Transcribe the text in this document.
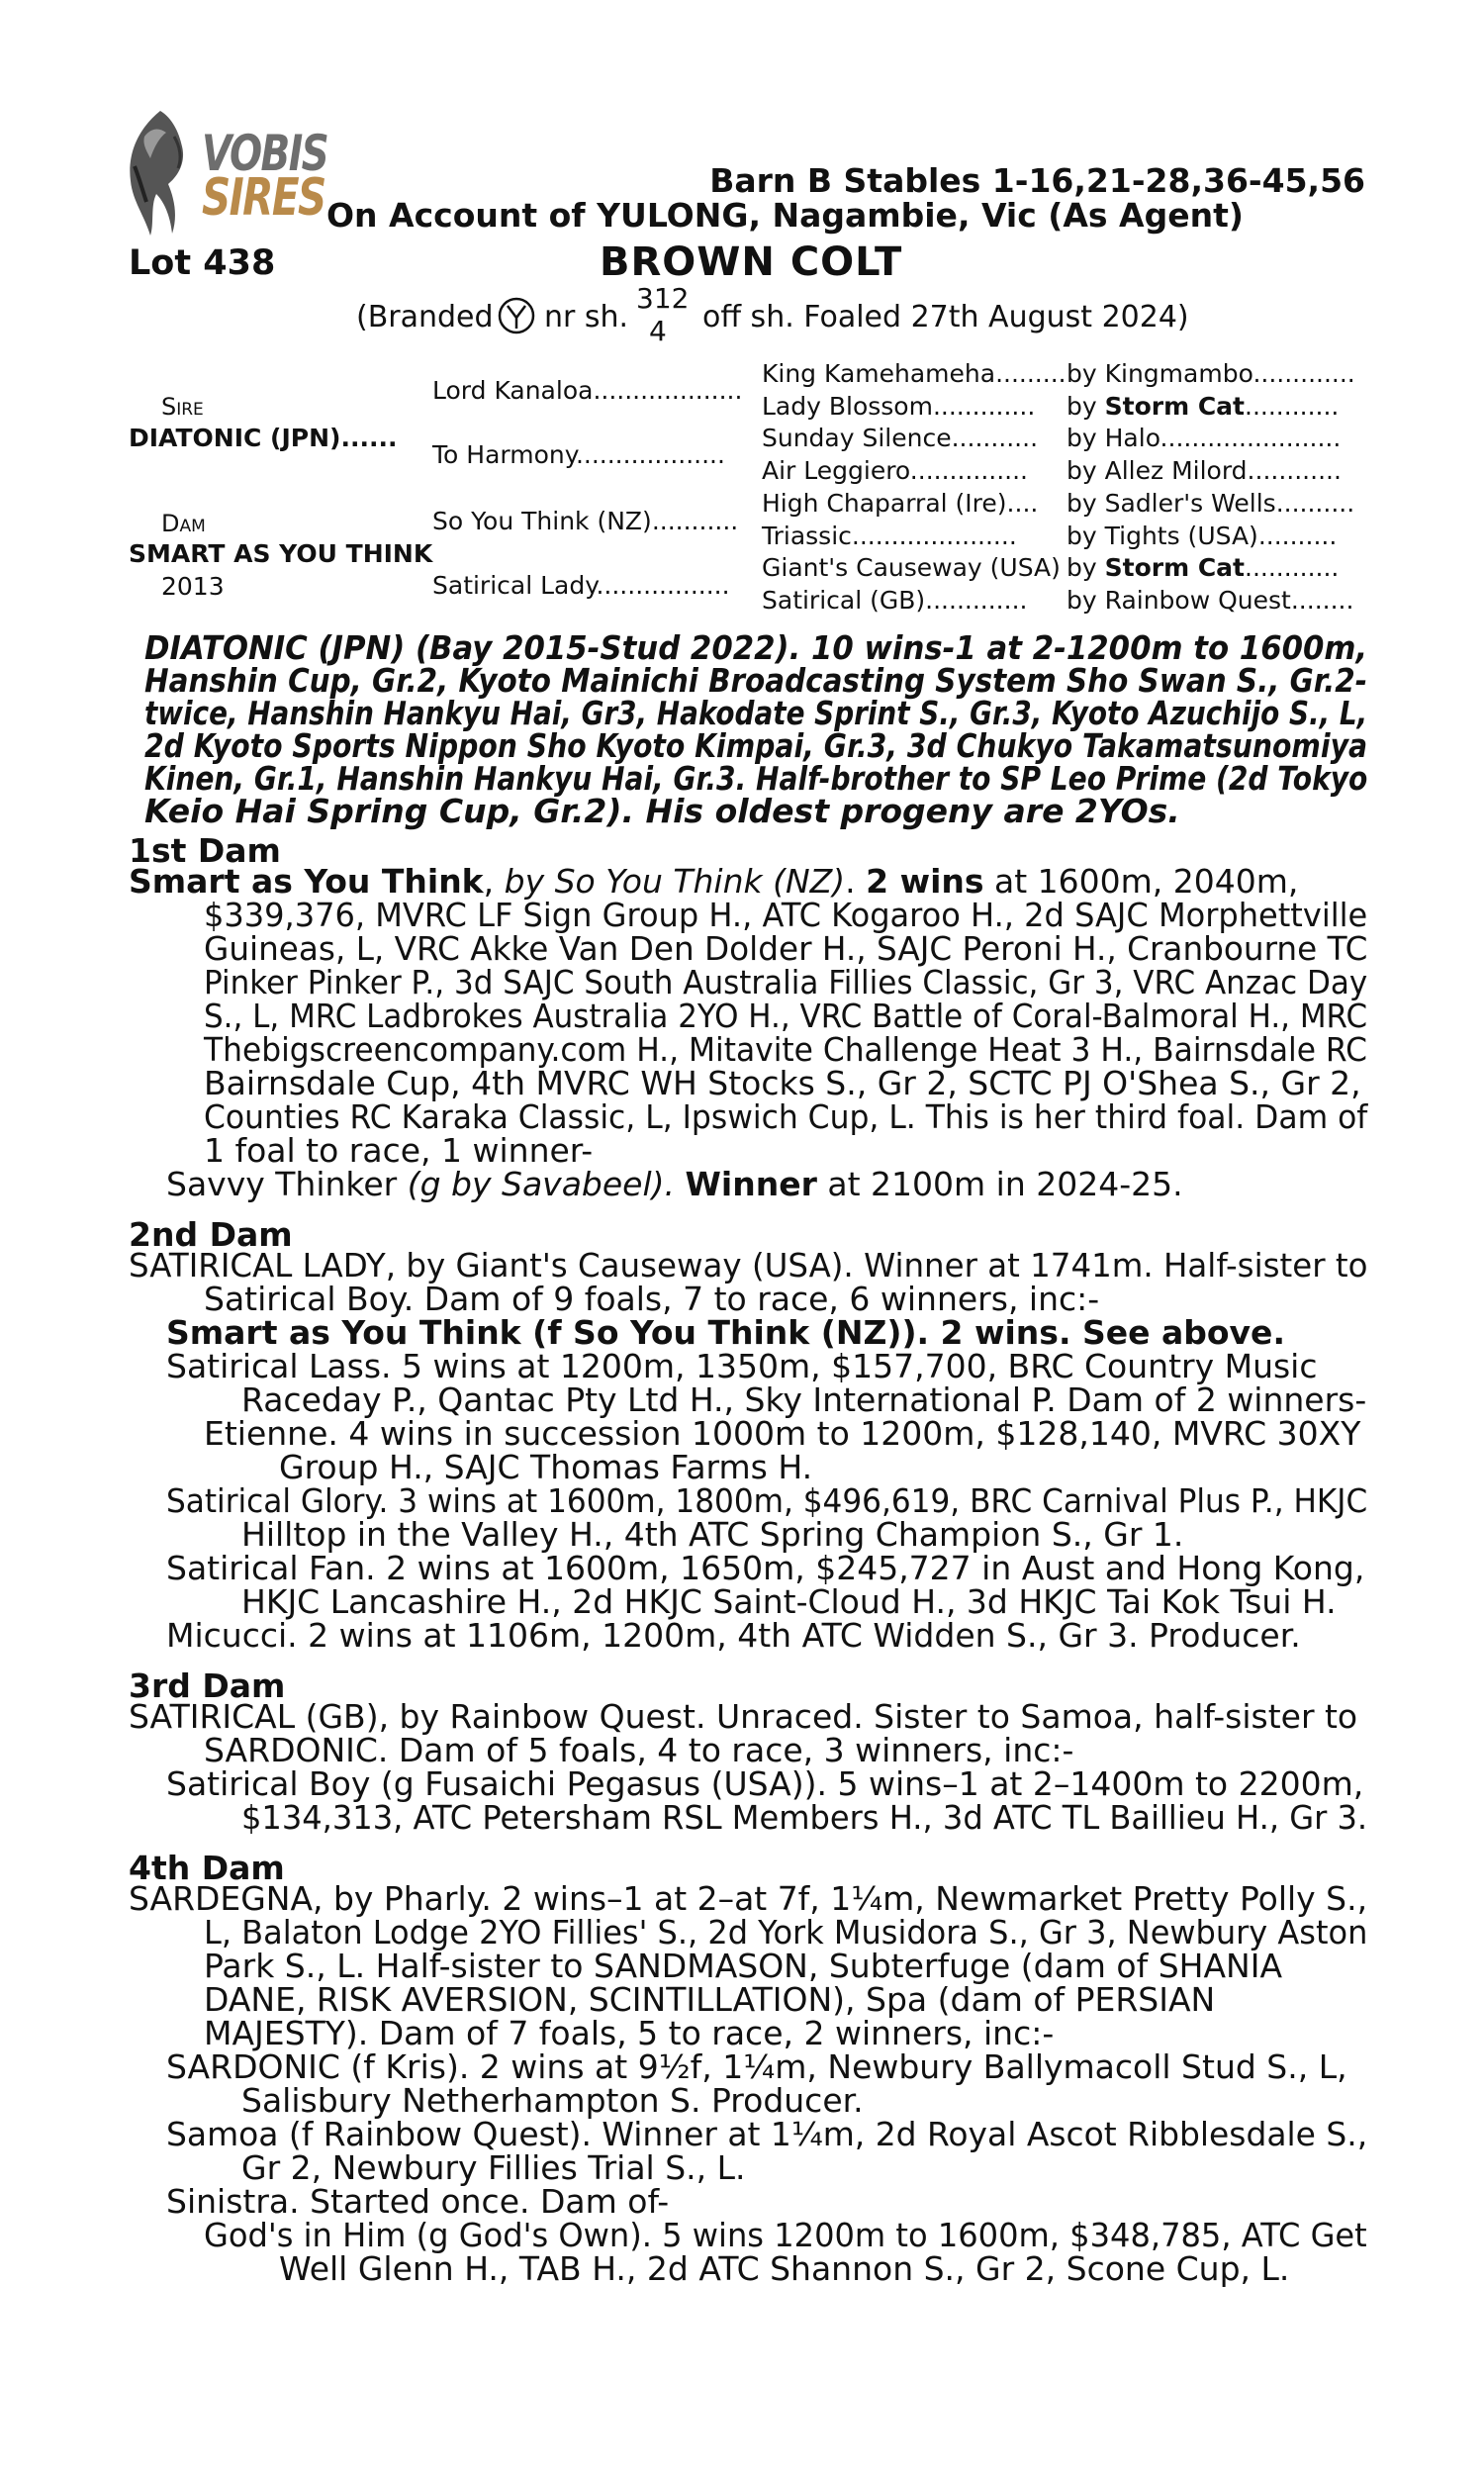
VOBIS
SIRES	Barn B Stables 1-16,21-28,36-45,56
On Account of YULONG, Nagambie, Vic (As Agent)
Lot 438	BROWN COLT
(Branded nr sh.
312
4 off sh. Foaled 27th August 2024)
Sire
DIATONIC (JPN)......
Dam
SMART AS YOU THINK
2013
Lord Kanaloa...................
To Harmony...................
So You Think (NZ)...........
Satirical Lady.................
King Kamehameha.........
Lady Blossom.............
Sunday Silence...........
Air Leggiero...............
High Chaparral (Ire)....
Triassic.....................
Giant's Causeway (USA)
Satirical (GB).............
by Kingmambo.............
by Storm Cat............
by Halo.......................
by Allez Milord............
by Sadler's Wells..........
by Tights (USA)..........
by Storm Cat............
by Rainbow Quest........
DIATONIC (JPN) (Bay 2015-Stud 2022). 10 wins-1 at 2-1200m to 1600m,
Hanshin Cup, Gr.2, Kyoto Mainichi Broadcasting System Sho Swan S., Gr.2-
twice, Hanshin Hankyu Hai, Gr3, Hakodate Sprint S., Gr.3, Kyoto Azuchijo S., L,
2d Kyoto Sports Nippon Sho Kyoto Kimpai, Gr.3, 3d Chukyo Takamatsunomiya
Kinen, Gr.1, Hanshin Hankyu Hai, Gr.3. Half-brother to SP Leo Prime (2d Tokyo
Keio Hai Spring Cup, Gr.2). His oldest progeny are 2YOs.
1st Dam
Smart as You Think, by So You Think (NZ). 2 wins at 1600m, 2040m,
$339,376, MVRC LF Sign Group H., ATC Kogaroo H., 2d SAJC Morphettville
Guineas, L, VRC Akke Van Den Dolder H., SAJC Peroni H., Cranbourne TC
Pinker Pinker P., 3d SAJC South Australia Fillies Classic, Gr 3, VRC Anzac Day
S., L, MRC Ladbrokes Australia 2YO H., VRC Battle of Coral-Balmoral H., MRC
Thebigscreencompany.com H., Mitavite Challenge Heat 3 H., Bairnsdale RC
Bairnsdale Cup, 4th MVRC WH Stocks S., Gr 2, SCTC PJ O'Shea S., Gr 2,
Counties RC Karaka Classic, L, Ipswich Cup, L. This is her third foal. Dam of
1 foal to race, 1 winner-
Savvy Thinker (g by Savabeel). Winner at 2100m in 2024-25.
2nd Dam
SATIRICAL LADY, by Giant's Causeway (USA). Winner at 1741m. Half-sister to
Satirical Boy. Dam of 9 foals, 7 to race, 6 winners, inc:-
Smart as You Think (f So You Think (NZ)). 2 wins. See above.
Satirical Lass. 5 wins at 1200m, 1350m, $157,700, BRC Country Music
Raceday P., Qantac Pty Ltd H., Sky International P. Dam of 2 winners-
Etienne. 4 wins in succession 1000m to 1200m, $128,140, MVRC 30XY
Group H., SAJC Thomas Farms H.
Satirical Glory. 3 wins at 1600m, 1800m, $496,619, BRC Carnival Plus P., HKJC
Hilltop in the Valley H., 4th ATC Spring Champion S., Gr 1.
Satirical Fan. 2 wins at 1600m, 1650m, $245,727 in Aust and Hong Kong,
HKJC Lancashire H., 2d HKJC Saint-Cloud H., 3d HKJC Tai Kok Tsui H.
Micucci. 2 wins at 1106m, 1200m, 4th ATC Widden S., Gr 3. Producer.
3rd Dam
SATIRICAL (GB), by Rainbow Quest. Unraced. Sister to Samoa, half-sister to
SARDONIC. Dam of 5 foals, 4 to race, 3 winners, inc:-
Satirical Boy (g Fusaichi Pegasus (USA)). 5 wins–1 at 2–1400m to 2200m,
$134,313, ATC Petersham RSL Members H., 3d ATC TL Baillieu H., Gr 3.
4th Dam
SARDEGNA, by Pharly. 2 wins–1 at 2–at 7f, 1¼m, Newmarket Pretty Polly S.,
L, Balaton Lodge 2YO Fillies' S., 2d York Musidora S., Gr 3, Newbury Aston
Park S., L. Half-sister to SANDMASON, Subterfuge (dam of SHANIA
DANE, RISK AVERSION, SCINTILLATION), Spa (dam of PERSIAN
MAJESTY). Dam of 7 foals, 5 to race, 2 winners, inc:-
SARDONIC (f Kris). 2 wins at 9½f, 1¼m, Newbury Ballymacoll Stud S., L,
Salisbury Netherhampton S. Producer.
Samoa (f Rainbow Quest). Winner at 1¼m, 2d Royal Ascot Ribblesdale S.,
Gr 2, Newbury Fillies Trial S., L.
Sinistra. Started once. Dam of-
God's in Him (g God's Own). 5 wins 1200m to 1600m, $348,785, ATC Get
Well Glenn H., TAB H., 2d ATC Shannon S., Gr 2, Scone Cup, L.
